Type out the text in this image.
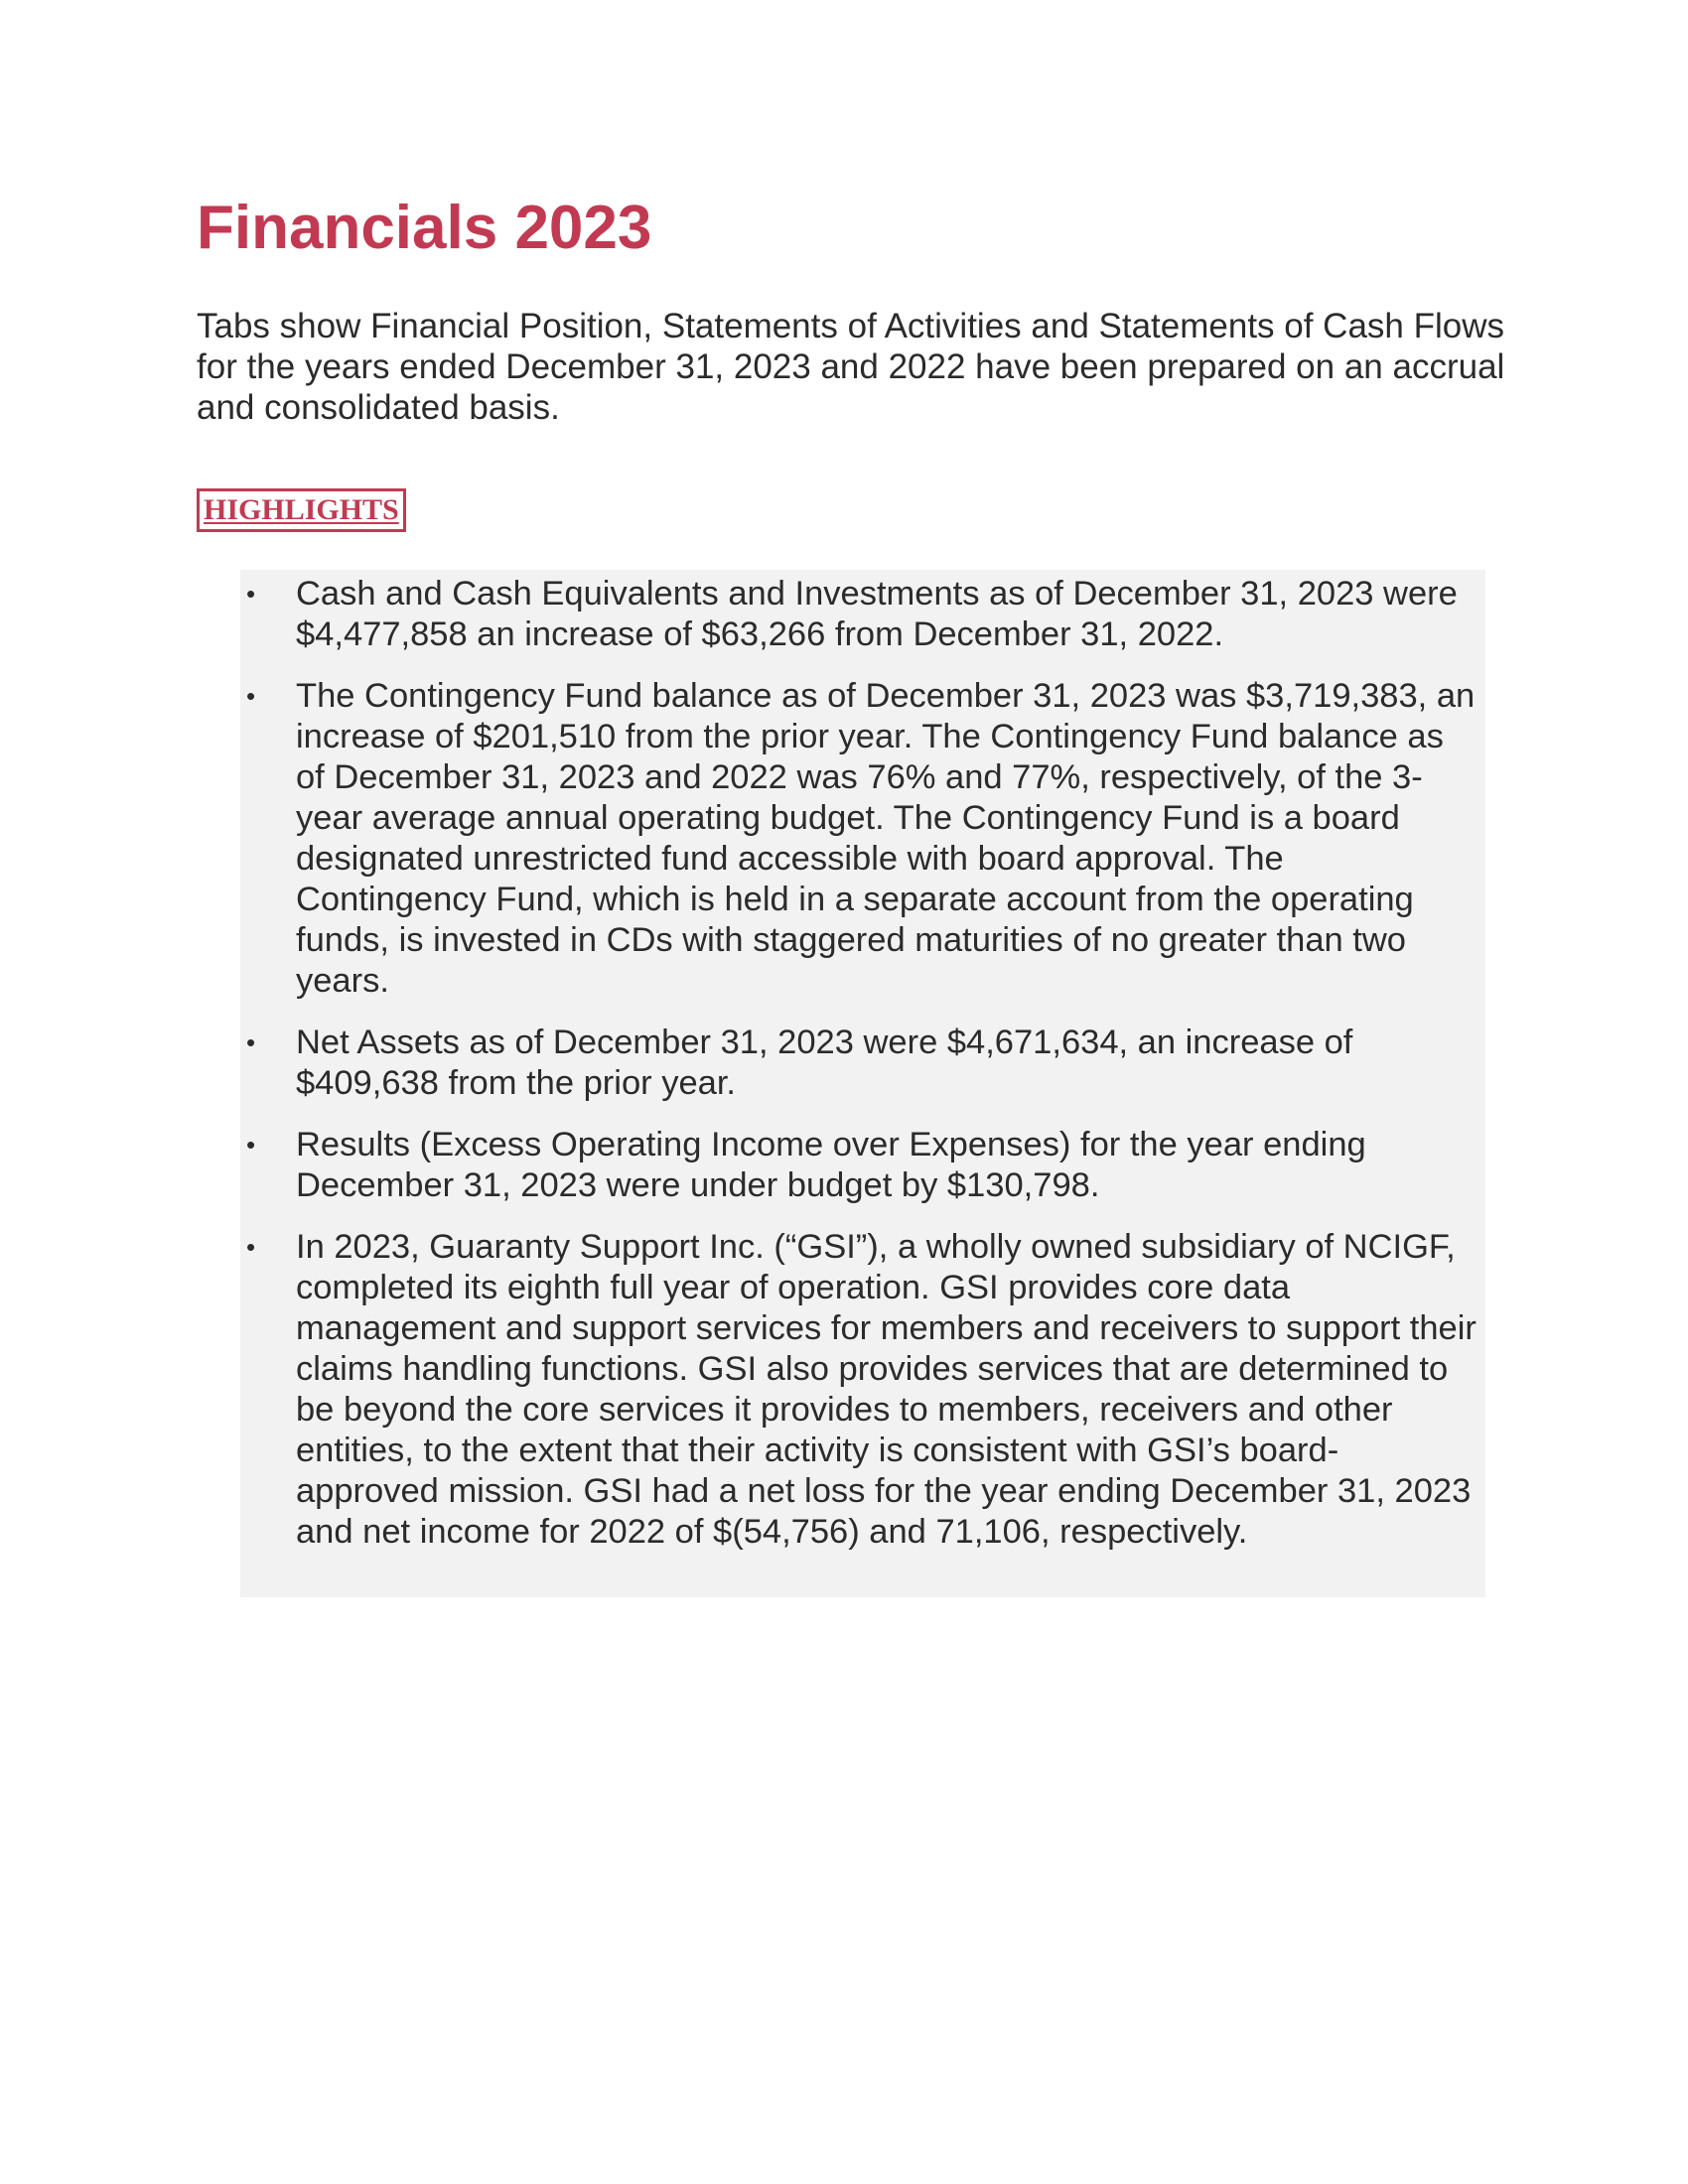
Financials 2023

Tabs show Financial Position, Statements of Activities and Statements of Cash Flows for the years ended December 31, 2023 and 2022 have been prepared on an accrual and consolidated basis.

HIGHLIGHTS
• Cash and Cash Equivalents and Investments as of December 31, 2023 were $4,477,858 an increase of $63,266 from December 31, 2022.
• The Contingency Fund balance as of December 31, 2023 was $3,719,383, an increase of $201,510 from the prior year. The Contingency Fund balance as of December 31, 2023 and 2022 was 76% and 77%, respectively, of the 3-year average annual operating budget. The Contingency Fund is a board designated unrestricted fund accessible with board approval. The Contingency Fund, which is held in a separate account from the operating funds, is invested in CDs with staggered maturities of no greater than two years.
• Net Assets as of December 31, 2023 were $4,671,634, an increase of $409,638 from the prior year.
• Results (Excess Operating Income over Expenses) for the year ending December 31, 2023 were under budget by $130,798.
• In 2023, Guaranty Support Inc. (“GSI”), a wholly owned subsidiary of NCIGF, completed its eighth full year of operation. GSI provides core data management and support services for members and receivers to support their claims handling functions. GSI also provides services that are determined to be beyond the core services it provides to members, receivers and other entities, to the extent that their activity is consistent with GSI’s board-approved mission. GSI had a net loss for the year ending December 31, 2023 and net income for 2022 of $(54,756) and 71,106, respectively.
